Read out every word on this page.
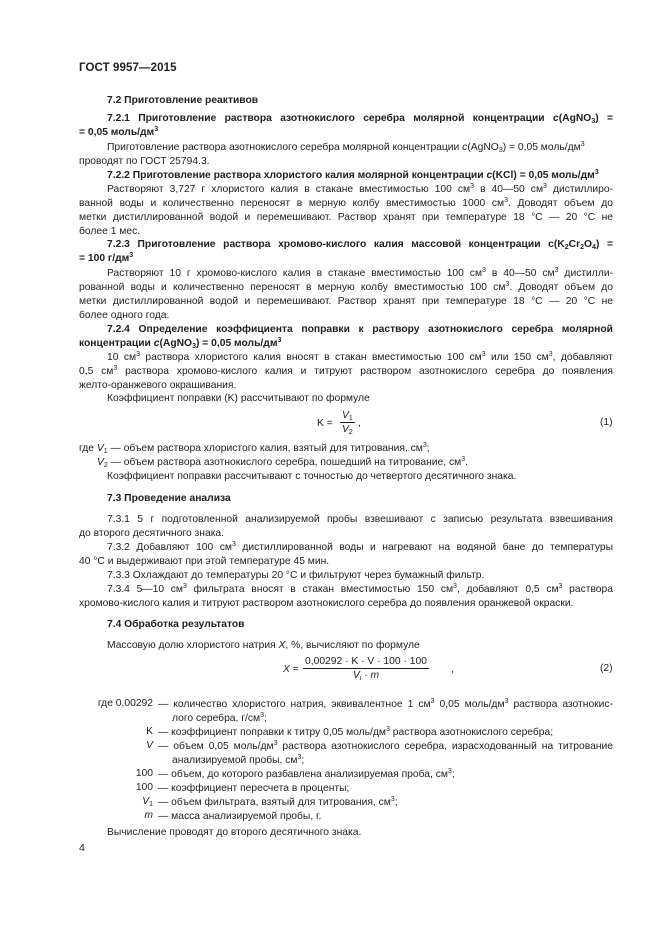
ГОСТ 9957—2015
7.2 Приготовление реактивов
7.2.1 Приготовление раствора азотнокислого серебра молярной концентрации c(AgNO$_3$) =
= 0,05 моль/$дм^3$
Приготовление раствора азотнокислого серебра молярной концентрации c(AgNO$_3$) = 0,05 моль/$дм^3$
проводят по ГОСТ 25794.3.
7.2.2 Приготовление раствора хлористого калия молярной концентрации c(KCl) = 0,05 моль/$дм^3$
Растворяют 3,727 г хлористого калия в стакане вместимостью 100 $см^3$ в 40—50 $см^3$ дистиллиро-
ванной воды и количественно переносят в мерную колбу вместимостью 1000 $см^3$. Доводят объем до
метки дистиллированной водой и перемешивают. Раствор хранят при температуре 18 °C — 20 °C не
более 1 мес.
7.2.3 Приготовление раствора хромово-кислого калия массовой концентрации $c(K_2Cr_2O_4)$ =
= 100 $г/дм^3$
Растворяют 10 г хромово-кислого калия в стакане вместимостью 100 $см^3$ в 40—50 $см^3$ дистилли-
рованной воды и количественно переносят в мерную колбу вместимостью 100 $см^3$. Доводят объем до
метки дистиллированной водой и перемешивают. Раствор хранят при температуре 18 °C — 20 °C не
более одного года.
7.2.4 Определение коэффициента поправки к раствору азотнокислого серебра молярной
концентрации c(AgNO$_3$) = 0,05 моль/$дм^3$
10 $см^3$ раствора хлористого калия вносят в стакан вместимостью 100 $см^3$ или 150 $см^3$, добавляют
0,5 $см^3$ раствора хромово-кислого калия и титруют раствором азотнокислого серебра до появления
желто-оранжевого окрашивания.
Коэффициент поправки (K) рассчитывают по формуле
$K = \frac{V_1}{V_2}$ ,	(1)
где $V_1$ — объем раствора хлористого калия, взятый для титрования, $см^3$;
$V_2$ — объем раствора азотнокислого серебра, пошедший на титрование, $см^3$.
Коэффициент поправки рассчитывают с точностью до четвертого десятичного знака.
7.3 Проведение анализа
7.3.1 5 г подготовленной анализируемой пробы взвешивают с записью результата взвешивания
до второго десятичного знака.
7.3.2 Добавляют 100 $см^3$ дистиллированной воды и нагревают на водяной бане до температуры
40 °C и выдерживают при этой температуре 45 мин.
7.3.3 Охлаждают до температуры 20 °C и фильтруют через бумажный фильтр.
7.3.4 5—10 $см^3$ фильтрата вносят в стакан вместимостью 150 $см^3$, добавляют 0,5 $см^3$ раствора
хромово-кислого калия и титруют раствором азотнокислого серебра до появления оранжевой окраски.
7.4 Обработка результатов
Массовую долю хлористого натрия X, %, вычисляют по формуле
$X = \frac{0,00292 \cdot K \cdot V \cdot 100 \cdot 100}{V_i \cdot m}$ ,	(2)
где 0,00292 — количество хлористого натрия, эквивалентное 1 $см^3$ 0,05 моль/$дм^3$ раствора азотнокис-
лого серебра, $г/см^3$;
K — коэффициент поправки к титру 0,05 моль/$дм^3$ раствора азотнокислого серебра;
V — объем 0,05 моль/$дм^3$ раствора азотнокислого серебра, израсходованный на титрование
анализируемой пробы, $см^3$;
100 — объем, до которого разбавлена анализируемая проба, $см^3$;
100 — коэффициент пересчета в проценты;
$V_1$ — объем фильтрата, взятый для титрования, $см^3$;
m — масса анализируемой пробы, г.
Вычисление проводят до второго десятичного знака.
4
